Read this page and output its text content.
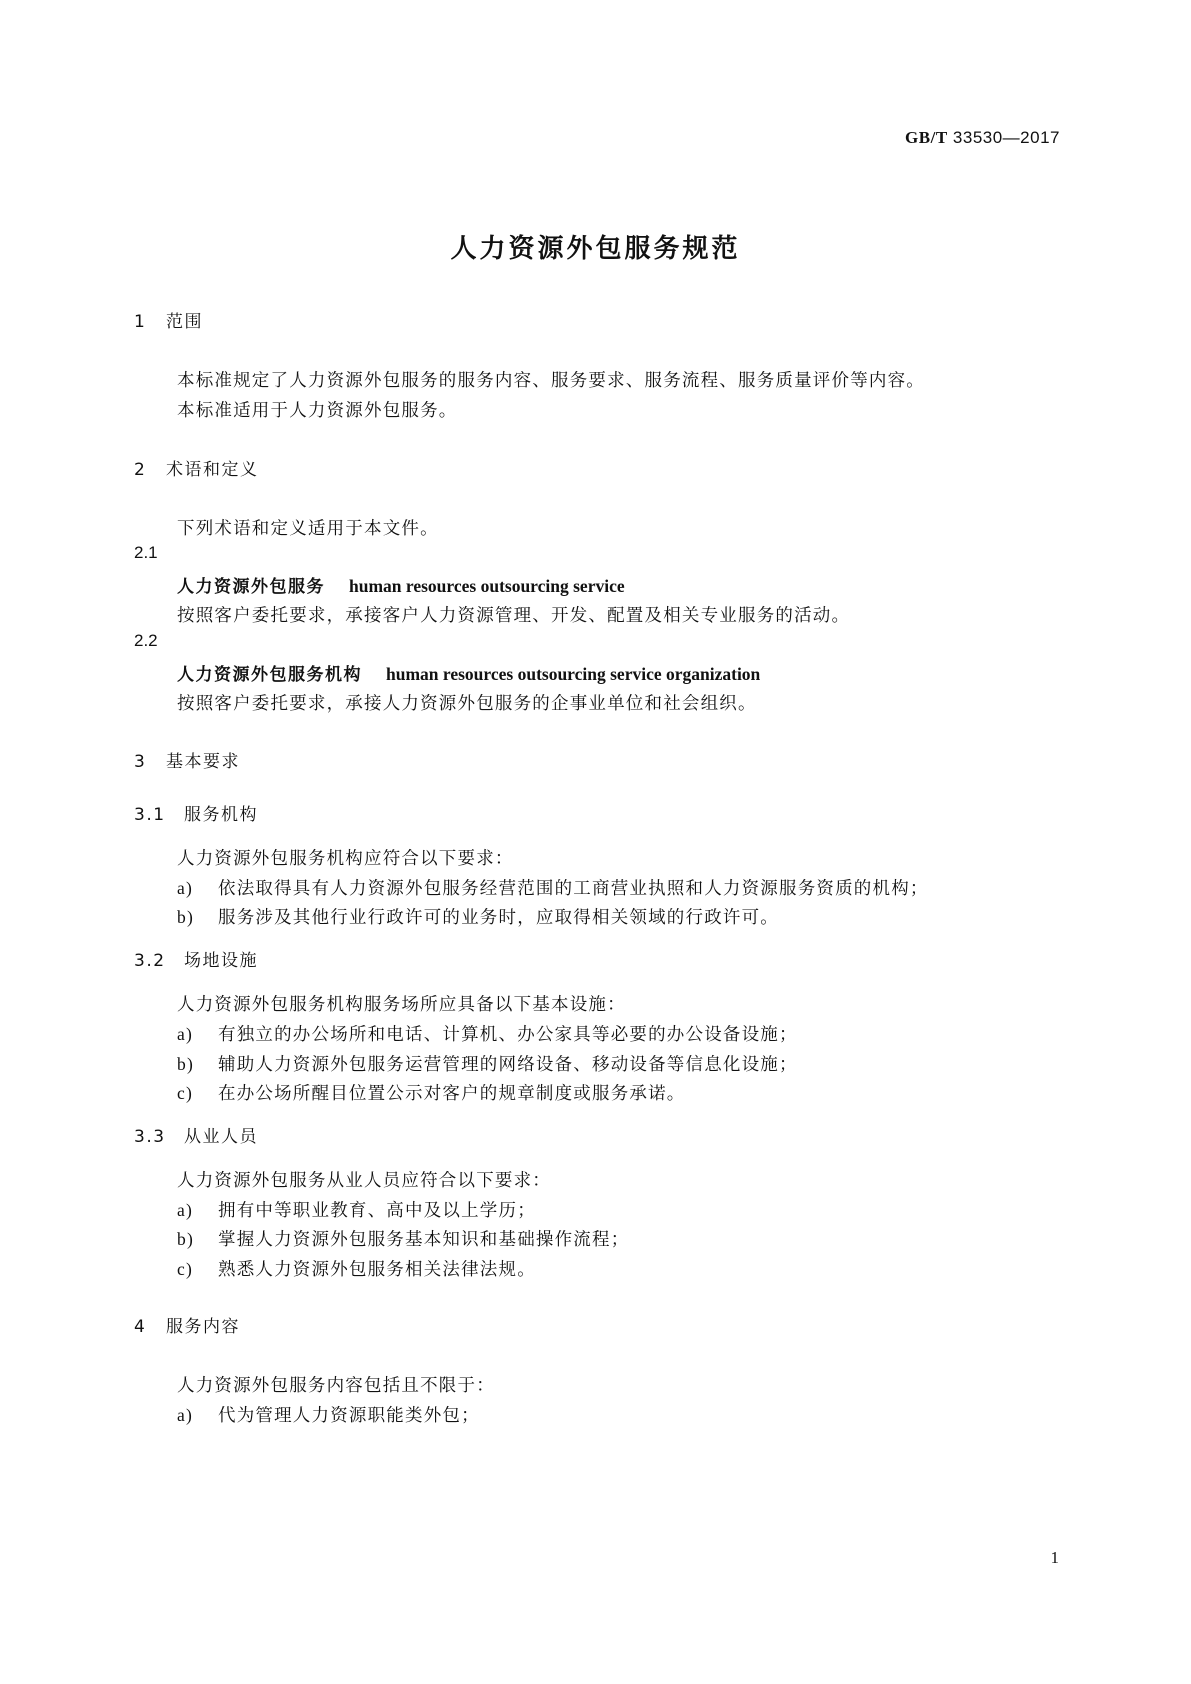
GB/T 33530—2017
人力资源外包服务规范
1 范围
本标准规定了人力资源外包服务的服务内容、服务要求、服务流程、服务质量评价等内容。
本标准适用于人力资源外包服务。
2 术语和定义
下列术语和定义适用于本文件。
2.1
人力资源外包服务 human resources outsourcing service
按照客户委托要求，承接客户人力资源管理、开发、配置及相关专业服务的活动。
2.2
人力资源外包服务机构 human resources outsourcing service organization
按照客户委托要求，承接人力资源外包服务的企事业单位和社会组织。
3 基本要求
3.1 服务机构
人力资源外包服务机构应符合以下要求：
a) 依法取得具有人力资源外包服务经营范围的工商营业执照和人力资源服务资质的机构；
b) 服务涉及其他行业行政许可的业务时，应取得相关领域的行政许可。
3.2 场地设施
人力资源外包服务机构服务场所应具备以下基本设施：
a) 有独立的办公场所和电话、计算机、办公家具等必要的办公设备设施；
b) 辅助人力资源外包服务运营管理的网络设备、移动设备等信息化设施；
c) 在办公场所醒目位置公示对客户的规章制度或服务承诺。
3.3 从业人员
人力资源外包服务从业人员应符合以下要求：
a) 拥有中等职业教育、高中及以上学历；
b) 掌握人力资源外包服务基本知识和基础操作流程；
c) 熟悉人力资源外包服务相关法律法规。
4 服务内容
人力资源外包服务内容包括且不限于：
a) 代为管理人力资源职能类外包；
1
